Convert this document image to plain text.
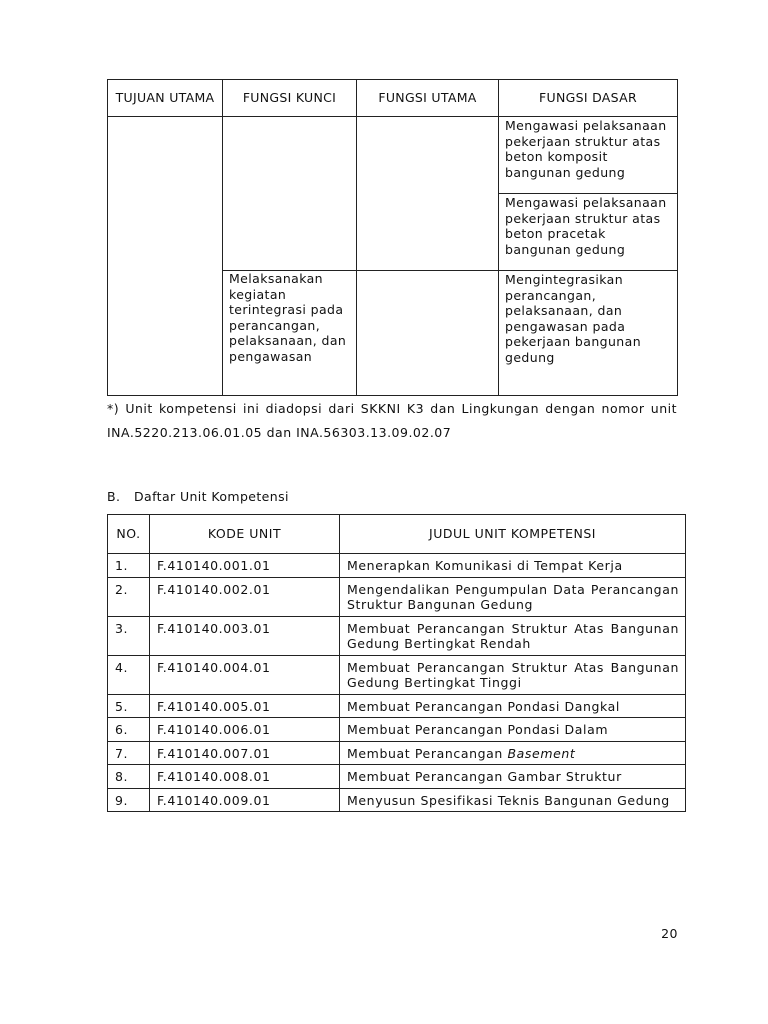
TUJUAN UTAMA	FUNGSI KUNCI	FUNGSI UTAMA	FUNGSI DASAR
			Mengawasi pelaksanaan pekerjaan struktur atas beton komposit bangunan gedung
			Mengawasi pelaksanaan pekerjaan struktur atas beton pracetak bangunan gedung
	Melaksanakan kegiatan terintegrasi pada perancangan, pelaksanaan, dan pengawasan		Mengintegrasikan perancangan, pelaksanaan, dan pengawasan pada pekerjaan bangunan gedung
*) Unit kompetensi ini diadopsi dari SKKNI K3 dan Lingkungan dengan nomor unit INA.5220.213.06.01.05 dan INA.56303.13.09.02.07
B. Daftar Unit Kompetensi
NO.	KODE UNIT	JUDUL UNIT KOMPETENSI
1.	F.410140.001.01	Menerapkan Komunikasi di Tempat Kerja
2.	F.410140.002.01	Mengendalikan Pengumpulan Data Perancangan Struktur Bangunan Gedung
3.	F.410140.003.01	Membuat Perancangan Struktur Atas Bangunan Gedung Bertingkat Rendah
4.	F.410140.004.01	Membuat Perancangan Struktur Atas Bangunan Gedung Bertingkat Tinggi
5.	F.410140.005.01	Membuat Perancangan Pondasi Dangkal
6.	F.410140.006.01	Membuat Perancangan Pondasi Dalam
7.	F.410140.007.01	Membuat Perancangan Basement
8.	F.410140.008.01	Membuat Perancangan Gambar Struktur
9.	F.410140.009.01	Menyusun Spesifikasi Teknis Bangunan Gedung
20
